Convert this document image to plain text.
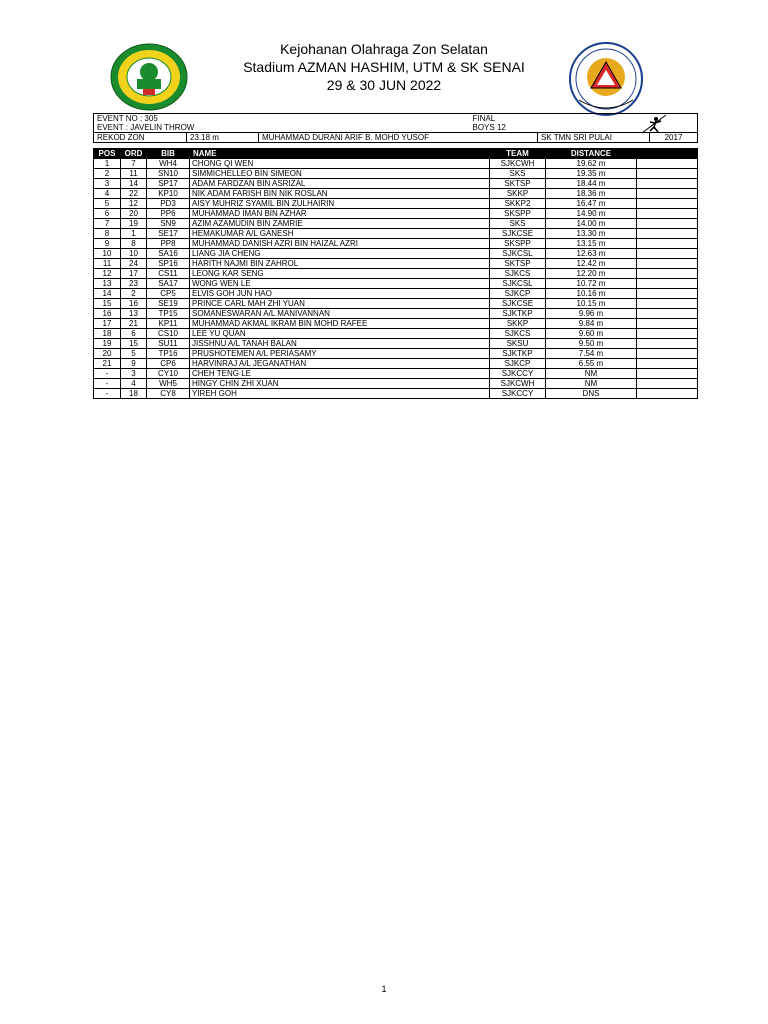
Kejohanan Olahraga Zon Selatan
Stadium AZMAN HASHIM, UTM & SK SENAI
29 & 30 JUN 2022
EVENT NO : 305			FINAL		
EVENT : JAVELIN THROW			BOYS 12		
REKOD ZON	23.18 m	MUHAMMAD DURANI ARIF B. MOHD YUSOF		SK TMN SRI PULAI	2017
POS	ORD	BIB	NAME	TEAM	DISTANCE	
1	7	WH4	CHONG QI WEN	SJKCWH	19.62 m	
2	11	SN10	SIMMICHELLEO BIN SIMEON	SKS	19.35 m	
3	14	SP17	ADAM FARDZAN BIN ASRIZAL	SKTSP	18.44 m	
4	22	KP10	NIK ADAM FARISH BIN NIK ROSLAN	SKKP	18.36 m	
5	12	PD3	AISY MUHRIZ SYAMIL BIN ZULHAIRIN	SKKP2	16.47 m	
6	20	PP6	MUHAMMAD IMAN BIN AZHAR	SKSPP	14.90 m	
7	19	SN9	AZIM AZAMUDIN BIN ZAMRIE	SKS	14.00 m	
8	1	SE17	HEMAKUMAR A/L GANESH	SJKCSE	13.30 m	
9	8	PP8	MUHAMMAD DANISH AZRI BIN HAIZAL AZRI	SKSPP	13.15 m	
10	10	SA16	LIANG JIA CHENG	SJKCSL	12.63 m	
11	24	SP16	HARITH NAJMI BIN ZAHROL	SKTSP	12.42 m	
12	17	CS11	LEONG KAR SENG	SJKCS	12.20 m	
13	23	SA17	WONG WEN LE	SJKCSL	10.72 m	
14	2	CP5	ELVIS GOH JUN HAO	SJKCP	10.16 m	
15	16	SE19	PRINCE CARL MAH ZHI YUAN	SJKCSE	10.15 m	
16	13	TP15	SOMANESWARAN A/L MANIVANNAN	SJKTKP	9.96 m	
17	21	KP11	MUHAMMAD AKMAL IKRAM BIN MOHD RAFEE	SKKP	9.84 m	
18	6	CS10	LEE YU QUAN	SJKCS	9.60 m	
19	15	SU11	JISSHNU A/L TANAH BALAN	SKSU	9.50 m	
20	5	TP16	PRUSHOTEMEN A/L PERIASAMY	SJKTKP	7.54 m	
21	9	CP6	HARVINRAJ A/L JEGANATHAN	SJKCP	6.55 m	
-	3	CY10	CHEH TENG LE	SJKCCY	NM	
-	4	WH5	HINGY CHIN ZHI XUAN	SJKCWH	NM	
-	18	CY8	YIREH GOH	SJKCCY	DNS	
1
